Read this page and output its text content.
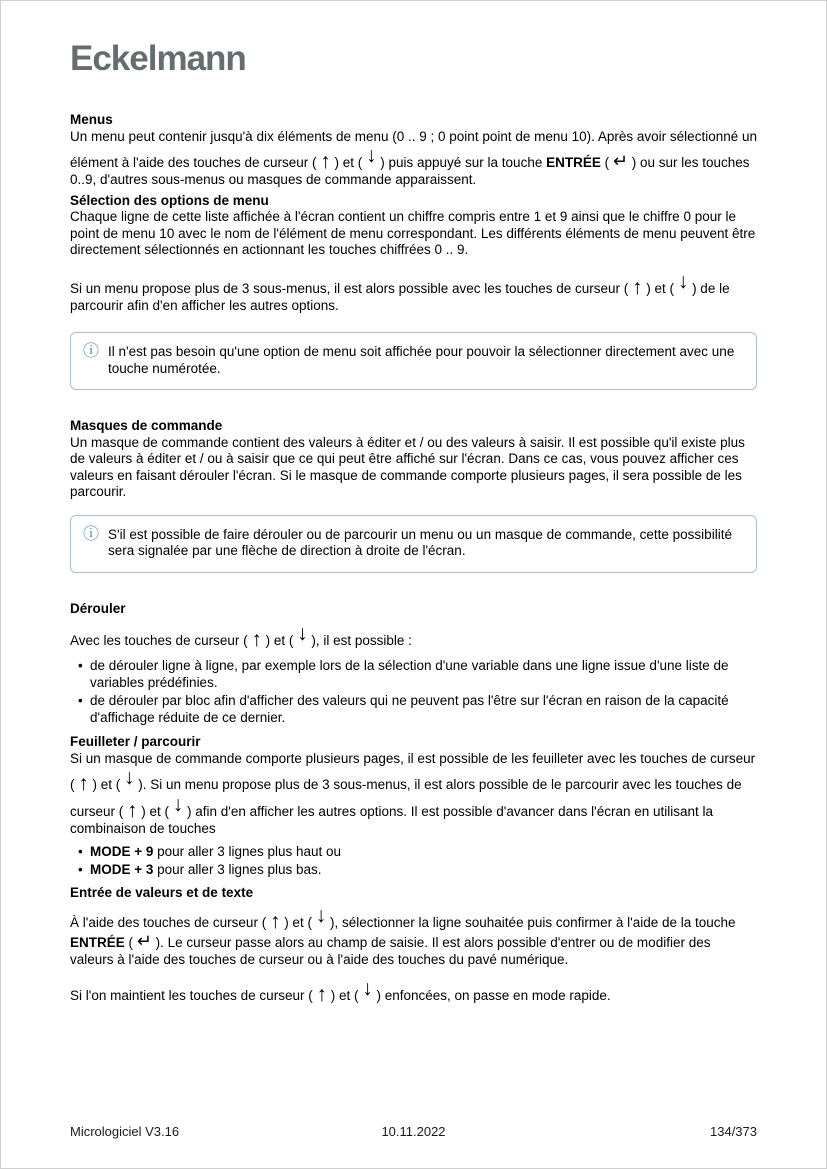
Eckelmann
Menus

Un menu peut contenir jusqu'à dix éléments de menu (0 .. 9 ; 0 point point de menu 10). Après avoir sélectionné un élément à l'aide des touches de curseur ( ↑ ) et ( ↓ ) puis appuyé sur la touche ENTRÉE ( ↵ ) ou sur les touches 0..9, d'autres sous-menus ou masques de commande apparaissent.

Sélection des options de menu

Chaque ligne de cette liste affichée à l'écran contient un chiffre compris entre 1 et 9 ainsi que le chiffre 0 pour le point de menu 10 avec le nom de l'élément de menu correspondant. Les différents éléments de menu peuvent être directement sélectionnés en actionnant les touches chiffrées 0 .. 9.

Si un menu propose plus de 3 sous-menus, il est alors possible avec les touches de curseur ( ↑ ) et ( ↓ ) de le parcourir afin d'en afficher les autres options.

ⓘ Il n'est pas besoin qu'une option de menu soit affichée pour pouvoir la sélectionner directement avec une touche numérotée.
Masques de commande

Un masque de commande contient des valeurs à éditer et / ou des valeurs à saisir. Il est possible qu'il existe plus de valeurs à éditer et / ou à saisir que ce qui peut être affiché sur l'écran. Dans ce cas, vous pouvez afficher ces valeurs en faisant dérouler l'écran. Si le masque de commande comporte plusieurs pages, il sera possible de les parcourir.

ⓘ S'il est possible de faire dérouler ou de parcourir un menu ou un masque de commande, cette possibilité sera signalée par une flèche de direction à droite de l'écran.
Dérouler

Avec les touches de curseur ( ↑ ) et ( ↓ ), il est possible :

• de dérouler ligne à ligne, par exemple lors de la sélection d'une variable dans une ligne issue d'une liste de variables prédéfinies.
• de dérouler par bloc afin d'afficher des valeurs qui ne peuvent pas l'être sur l'écran en raison de la capacité d'affichage réduite de ce dernier.
Feuilleter / parcourir

Si un masque de commande comporte plusieurs pages, il est possible de les feuilleter avec les touches de curseur ( ↑ ) et ( ↓ ). Si un menu propose plus de 3 sous-menus, il est alors possible de le parcourir avec les touches de curseur ( ↑ ) et ( ↓ ) afin d'en afficher les autres options. Il est possible d'avancer dans l'écran en utilisant la combinaison de touches

• MODE + 9 pour aller 3 lignes plus haut ou
• MODE + 3 pour aller 3 lignes plus bas.
Entrée de valeurs et de texte

À l'aide des touches de curseur ( ↑ ) et ( ↓ ), sélectionner la ligne souhaitée puis confirmer à l'aide de la touche ENTRÉE ( ↵ ). Le curseur passe alors au champ de saisie. Il est alors possible d'entrer ou de modifier des valeurs à l'aide des touches de curseur ou à l'aide des touches du pavé numérique.

Si l'on maintient les touches de curseur ( ↑ ) et ( ↓ ) enfoncées, on passe en mode rapide.

Micrologiciel V3.16	10.11.2022	134/373
